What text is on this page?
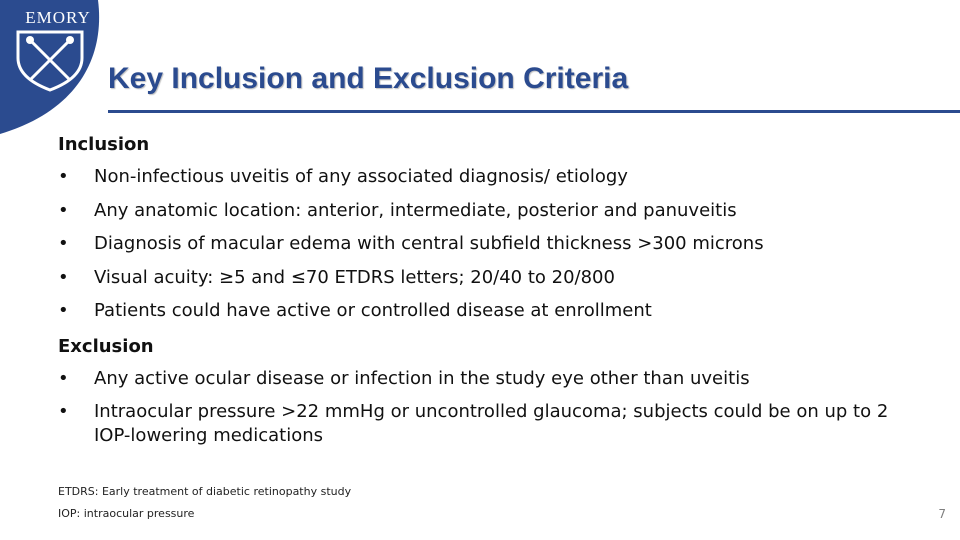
EMORY
Key Inclusion and Exclusion Criteria
Inclusion
• Non-infectious uveitis of any associated diagnosis/ etiology
• Any anatomic location: anterior, intermediate, posterior and panuveitis
• Diagnosis of macular edema with central subfield thickness >300 microns
• Visual acuity: ≥5 and ≤70 ETDRS letters; 20/40 to 20/800
• Patients could have active or controlled disease at enrollment
Exclusion
• Any active ocular disease or infection in the study eye other than uveitis
• Intraocular pressure >22 mmHg or uncontrolled glaucoma; subjects could be on up to 2 IOP-lowering medications
ETDRS: Early treatment of diabetic retinopathy study
IOP: intraocular pressure	7
